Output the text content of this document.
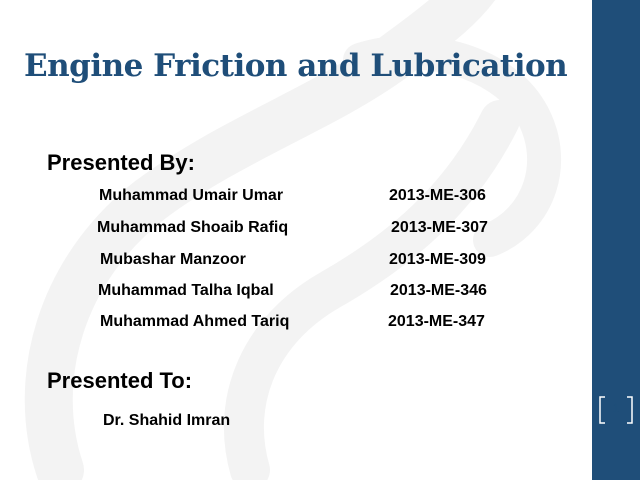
Engine Friction and Lubrication
Presented By:
Muhammad Umair Umar	2013-ME-306
Muhammad Shoaib Rafiq	2013-ME-307
Mubashar Manzoor	2013-ME-309
Muhammad Talha Iqbal	2013-ME-346
Muhammad Ahmed Tariq	2013-ME-347
Presented To:
Dr. Shahid Imran
1
